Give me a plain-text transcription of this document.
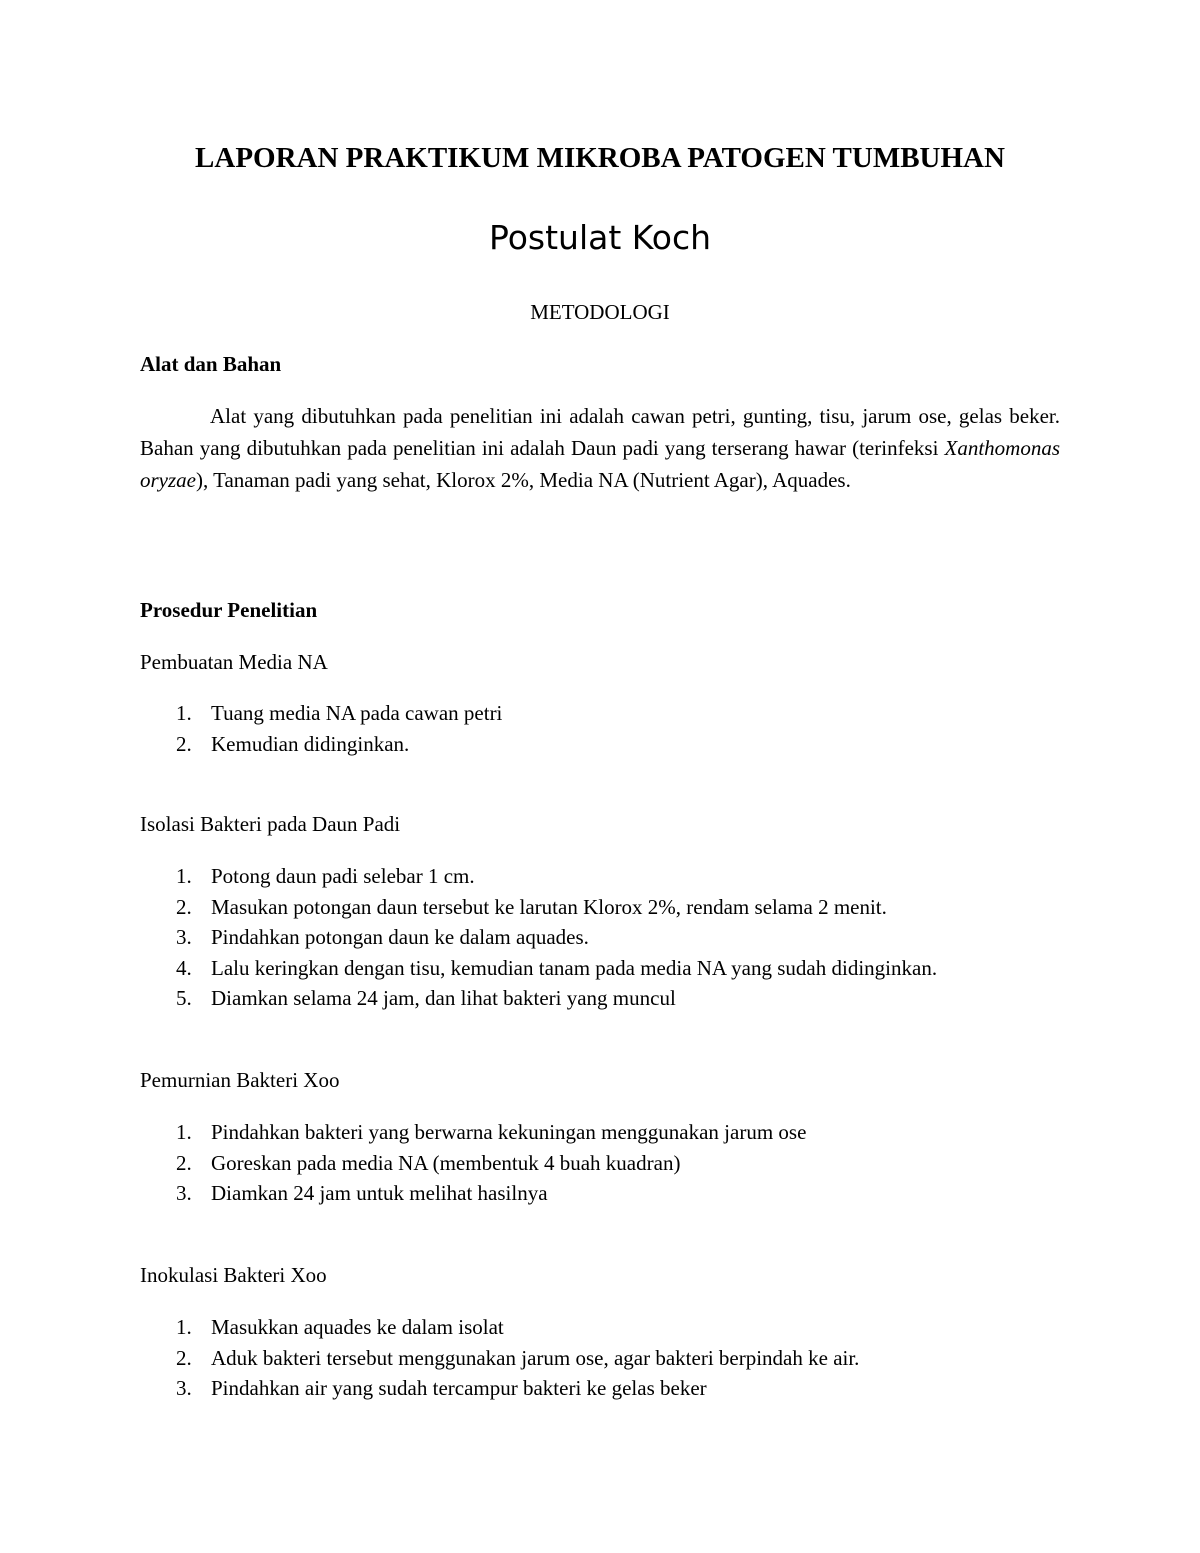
LAPORAN PRAKTIKUM MIKROBA PATOGEN TUMBUHAN
Postulat Koch
METODOLOGI
Alat dan Bahan
Alat yang dibutuhkan pada penelitian ini adalah cawan petri, gunting, tisu, jarum ose, gelas beker. Bahan yang dibutuhkan pada penelitian ini adalah Daun padi yang terserang hawar (terinfeksi Xanthomonas oryzae), Tanaman padi yang sehat, Klorox 2%, Media NA (Nutrient Agar), Aquades.
Prosedur Penelitian
Pembuatan Media NA
1. Tuang media NA pada cawan petri
2. Kemudian didinginkan.
Isolasi Bakteri pada Daun Padi
1. Potong daun padi selebar 1 cm.
2. Masukan potongan daun tersebut ke larutan Klorox 2%, rendam selama 2 menit.
3. Pindahkan potongan daun ke dalam aquades.
4. Lalu keringkan dengan tisu, kemudian tanam pada media NA yang sudah didinginkan.
5. Diamkan selama 24 jam, dan lihat bakteri yang muncul
Pemurnian Bakteri Xoo
1. Pindahkan bakteri yang berwarna kekuningan menggunakan jarum ose
2. Goreskan pada media NA (membentuk 4 buah kuadran)
3. Diamkan 24 jam untuk melihat hasilnya
Inokulasi Bakteri Xoo
1. Masukkan aquades ke dalam isolat
2. Aduk bakteri tersebut menggunakan jarum ose, agar bakteri berpindah ke air.
3. Pindahkan air yang sudah tercampur bakteri ke gelas beker
